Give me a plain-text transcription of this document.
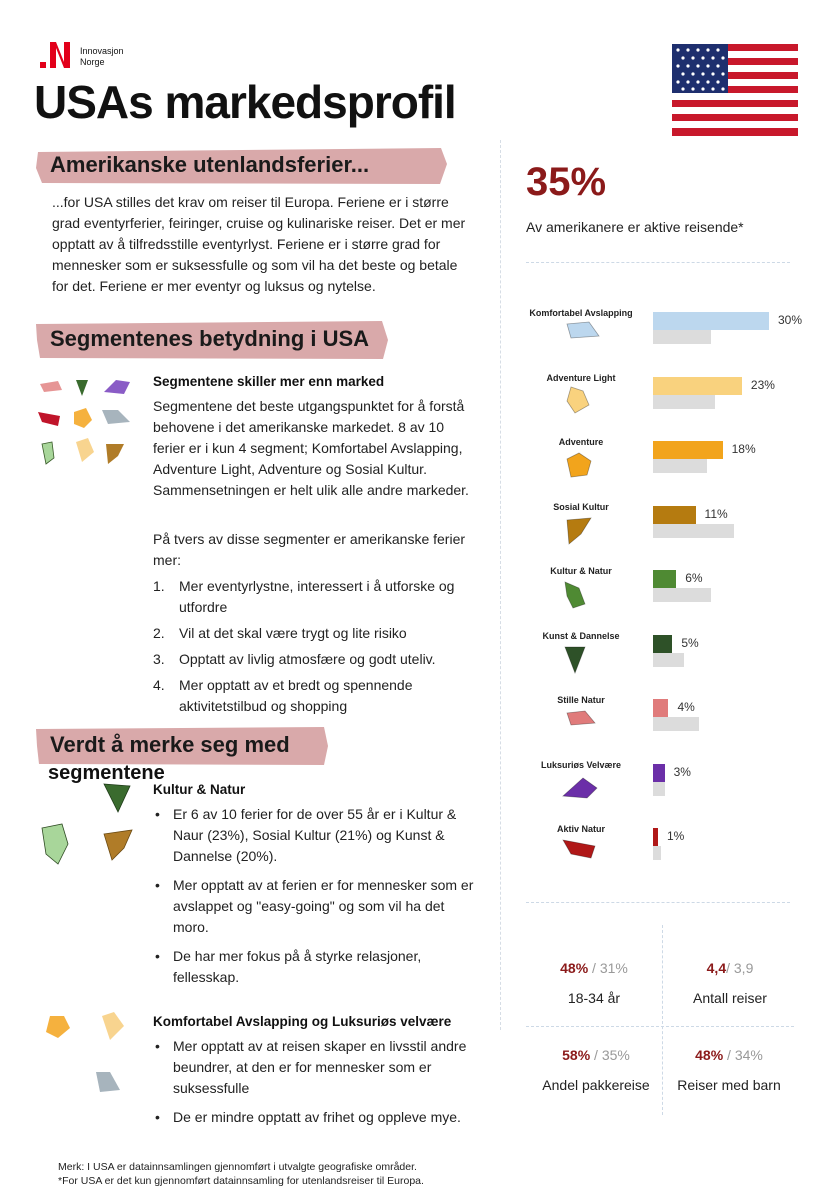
Innovasjon
Norge
USAs markedsprofil
Amerikanske utenlandsferier...
...for USA stilles det krav om reiser til Europa. Feriene er i større grad eventyrferier, feiringer, cruise og kulinariske reiser. Det er mer opptatt av å tilfredsstille eventyrlyst. Feriene er i større grad for mennesker som er suksessfulle og som vil ha det beste og betale for det. Feriene er mer eventyr og luksus og nytelse.
Segmentenes betydning i USA
Segmentene skiller mer enn marked
Segmentene det beste utgangspunktet for å forstå behovene i det amerikanske markedet. 8 av 10 ferier er i kun 4 segment; Komfortabel Avslapping, Adventure Light, Adventure og Sosial Kultur. Sammensetningen er helt ulik alle andre markeder.
På tvers av disse segmenter er amerikanske ferier mer:
1. Mer eventyrlystne, interessert i å utforske og utfordre
2. Vil at det skal være trygt og lite risiko
3. Opptatt av livlig atmosfære og godt uteliv.
4. Mer opptatt av et bredt og spennende aktivitetstilbud og shopping
Verdt å merke seg med
segmentene
Kultur & Natur
• Er 6 av 10 ferier for de over 55 år er i Kultur & Naur (23%), Sosial Kultur (21%) og Kunst & Dannelse (20%).
• Mer opptatt av at ferien er for mennesker som er avslappet og "easy-going" og som vil ha det moro.
• De har mer fokus på å styrke relasjoner, fellesskap.
Komfortabel Avslapping og Luksuriøs velvære
• Mer opptatt av at reisen skaper en livsstil andre beundrer, at den er for mennesker som er suksessfulle
• De er mindre opptatt av frihet og oppleve mye.
Merk: I USA er datainnsamlingen gjennomført i utvalgte geografiske områder.
*For USA er det kun gjennomført datainnsamling for utenlandsreiser til Europa.
35%
Av amerikanere er aktive reisende*
Komfortabel Avslapping	30%
Adventure Light	23%
Adventure	18%
Sosial Kultur	11%
Kultur & Natur	6%
Kunst & Dannelse	5%
Stille Natur	4%
Luksuriøs Velvære	3%
Aktiv Natur	1%
48% / 31%
18-34 år
4,4/ 3,9
Antall reiser
58% / 35%
Andel pakkereise
48% / 34%
Reiser med barn
